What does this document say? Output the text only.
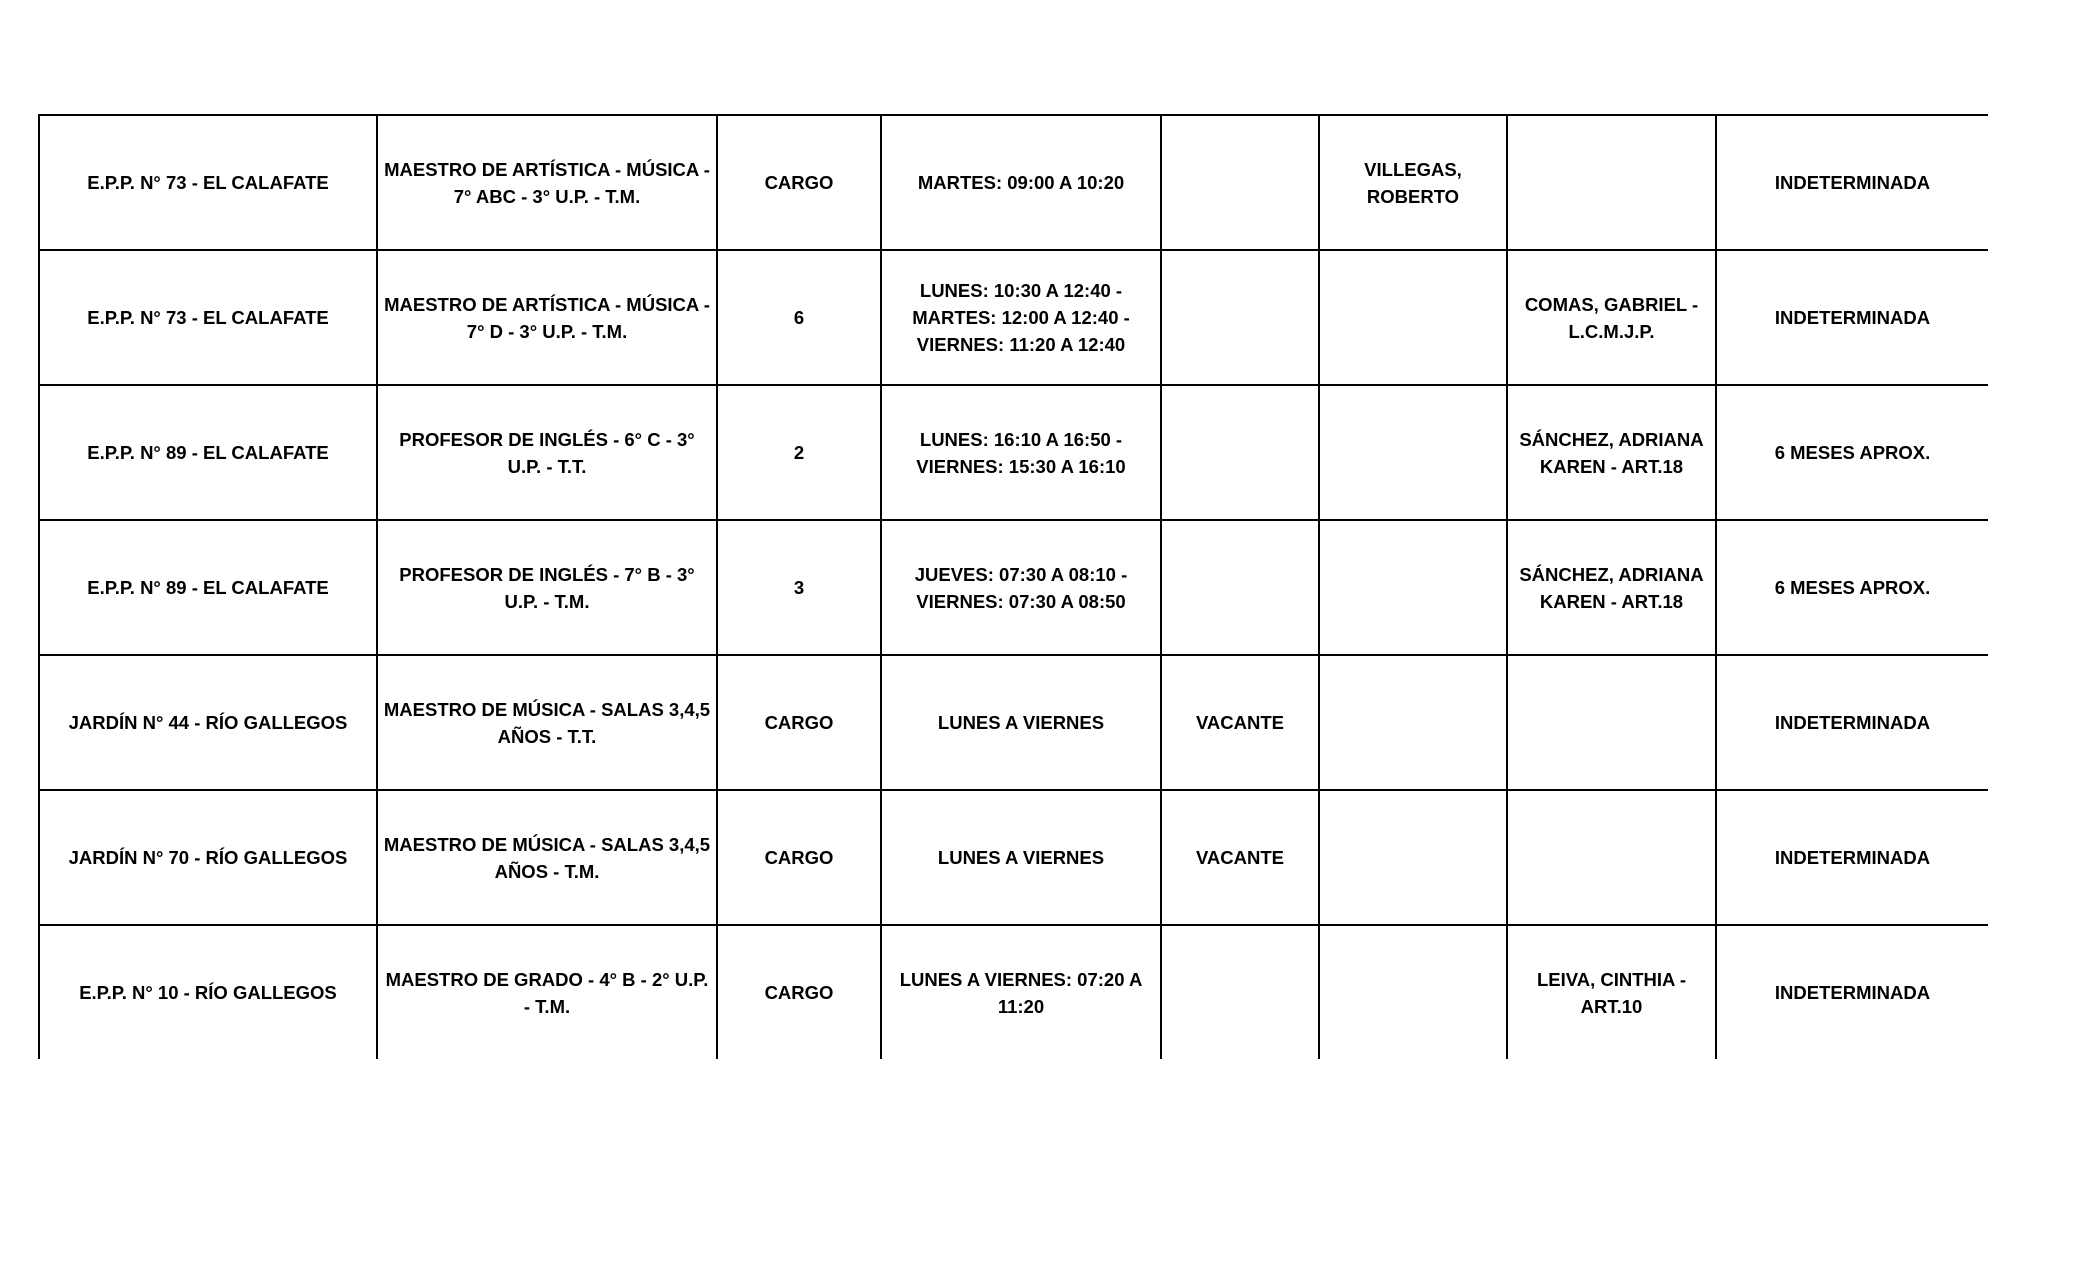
E.P.P. N° 73 - EL CALAFATE	MAESTRO DE ARTÍSTICA - MÚSICA - 7° ABC - 3° U.P. - T.M.	CARGO	MARTES: 09:00 A 10:20		VILLEGAS, ROBERTO		INDETERMINADA
E.P.P. N° 73 - EL CALAFATE	MAESTRO DE ARTÍSTICA - MÚSICA - 7° D - 3° U.P. - T.M.	6	LUNES: 10:30 A 12:40 - MARTES: 12:00 A 12:40 - VIERNES: 11:20 A 12:40			COMAS, GABRIEL - L.C.M.J.P.	INDETERMINADA
E.P.P. N° 89 - EL CALAFATE	PROFESOR DE INGLÉS - 6° C - 3° U.P. - T.T.	2	LUNES: 16:10 A 16:50 - VIERNES: 15:30 A 16:10			SÁNCHEZ, ADRIANA KAREN - ART.18	6 MESES APROX.
E.P.P. N° 89 - EL CALAFATE	PROFESOR DE INGLÉS - 7° B - 3° U.P. - T.M.	3	JUEVES: 07:30 A 08:10 - VIERNES: 07:30 A 08:50			SÁNCHEZ, ADRIANA KAREN - ART.18	6 MESES APROX.
JARDÍN N° 44 - RÍO GALLEGOS	MAESTRO DE MÚSICA - SALAS 3,4,5 AÑOS - T.T.	CARGO	LUNES A VIERNES	VACANTE			INDETERMINADA
JARDÍN N° 70 - RÍO GALLEGOS	MAESTRO DE MÚSICA - SALAS 3,4,5 AÑOS - T.M.	CARGO	LUNES A VIERNES	VACANTE			INDETERMINADA
E.P.P. N° 10 - RÍO GALLEGOS	MAESTRO DE GRADO - 4° B - 2° U.P. - T.M.	CARGO	LUNES A VIERNES: 07:20 A 11:20			LEIVA, CINTHIA - ART.10	INDETERMINADA
